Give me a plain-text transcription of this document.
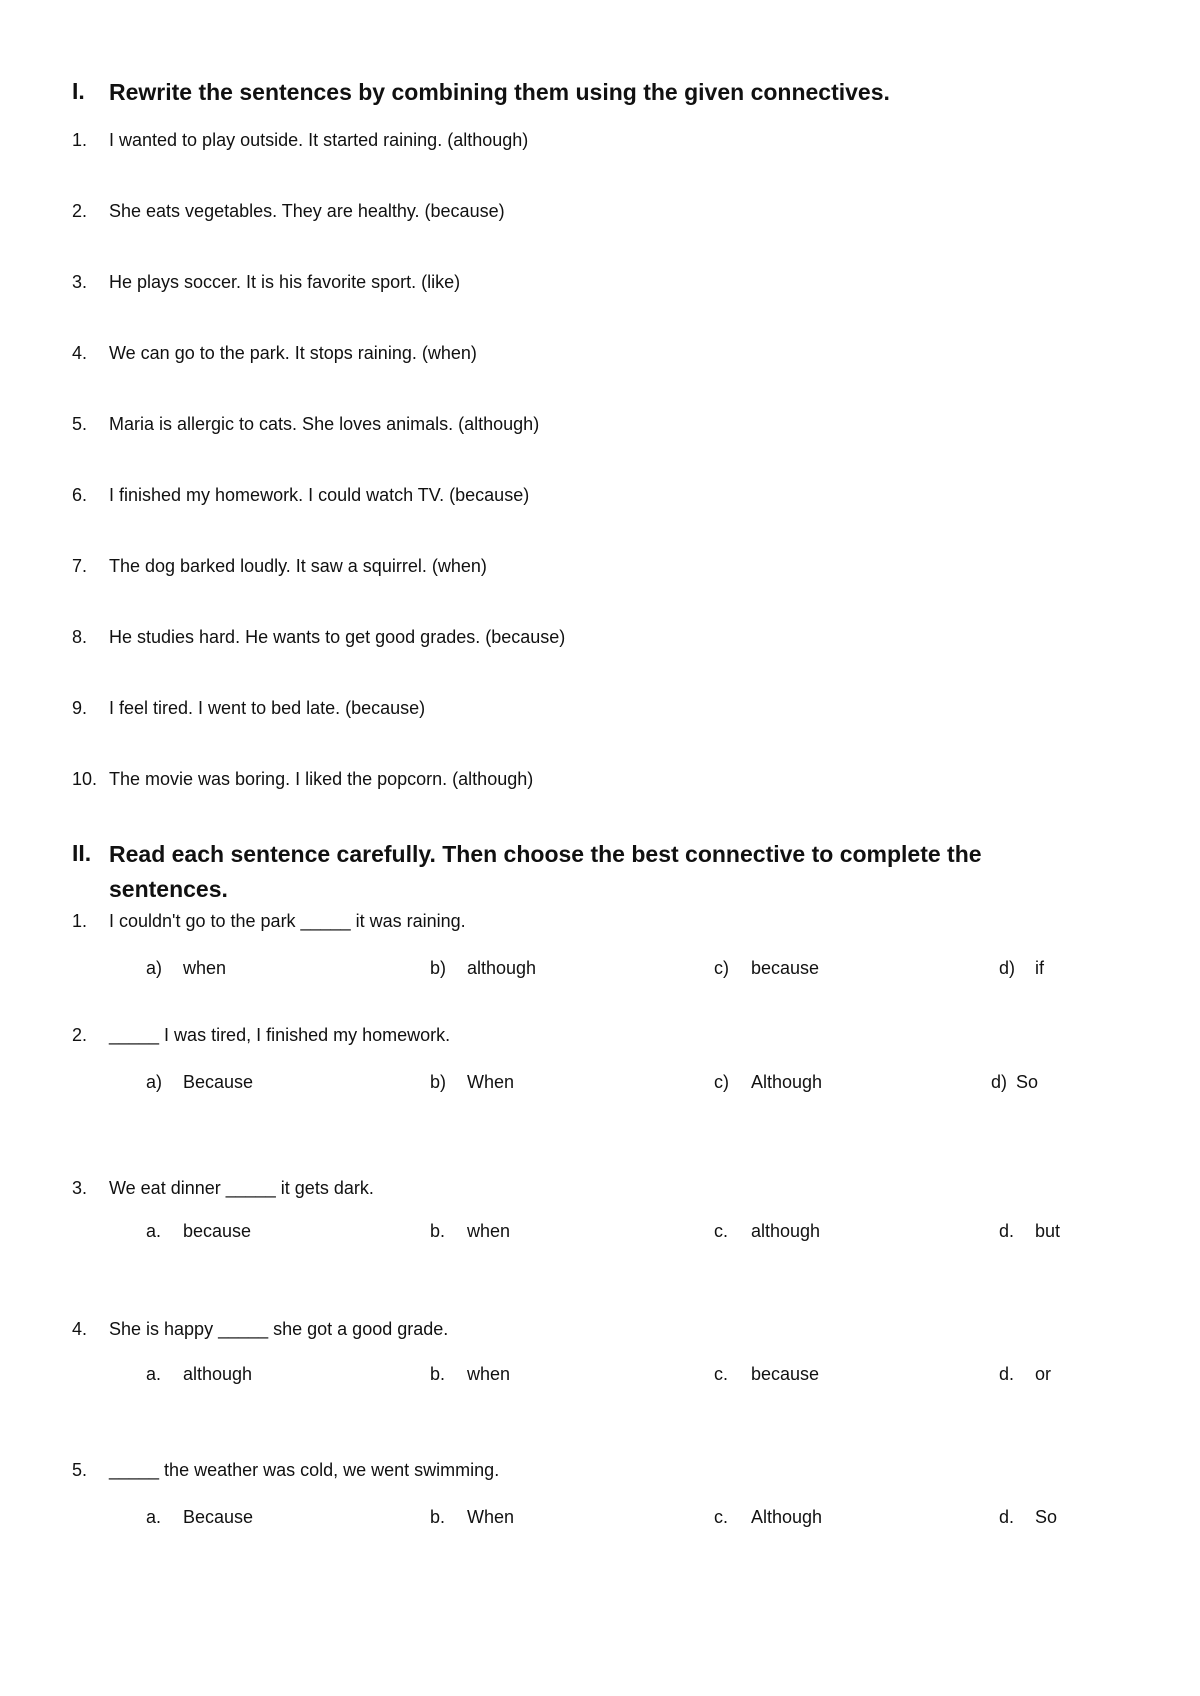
I. Rewrite the sentences by combining them using the given connectives.
1. I wanted to play outside. It started raining. (although)
2. She eats vegetables. They are healthy. (because)
3. He plays soccer. It is his favorite sport. (like)
4. We can go to the park. It stops raining. (when)
5. Maria is allergic to cats. She loves animals. (although)
6. I finished my homework. I could watch TV. (because)
7. The dog barked loudly. It saw a squirrel. (when)
8. He studies hard. He wants to get good grades. (because)
9. I feel tired. I went to bed late. (because)
10. The movie was boring. I liked the popcorn. (although)
II. Read each sentence carefully. Then choose the best connective to complete the
sentences.
1. I couldn't go to the park _____ it was raining.
a) when	b) although	c) because	d) if
2. _____ I was tired, I finished my homework.
a) Because	b) When	c) Although	d) So
3. We eat dinner _____ it gets dark.
a. because	b. when	c. although	d. but
4. She is happy _____ she got a good grade.
a. although	b. when	c. because	d. or
5. _____ the weather was cold, we went swimming.
a. Because	b. When	c. Although	d. So
